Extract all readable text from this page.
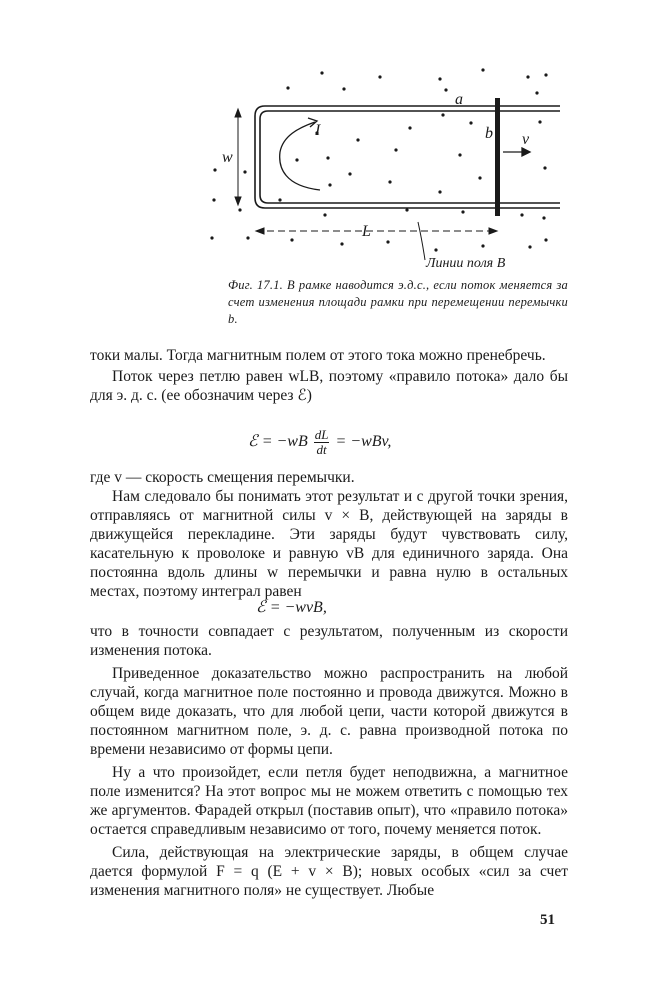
a
b
I
v
w
L
Линии поля B
Фиг. 17.1. В рамке наводится э.д.с., если поток меняется за счет изменения площади рамки при перемещении перемычки b.

токи малы. Тогда магнитным полем от этого тока можно пренебречь.

Поток через петлю равен wLB, поэтому «правило потока» дало бы для э. д. с. (ее обозначим через ℰ)

ℰ = $-wB \frac{dL}{dt} = -wBv$,

где v — скорость смещения перемычки.

Нам следовало бы понимать этот результат и с другой точки зрения, отправляясь от магнитной силы v × B, действующей на заряды в движущейся перекладине. Эти заряды будут чувствовать силу, касательную к проволоке и равную vB для единичного заряда. Она постоянна вдоль длины w перемычки и равна нулю в остальных местах, поэтому интеграл равен

ℰ = −wvB,

что в точности совпадает с результатом, полученным из скорости изменения потока.

Приведенное доказательство можно распространить на любой случай, когда магнитное поле постоянно и провода движутся. Можно в общем виде доказать, что для любой цепи, части которой движутся в постоянном магнитном поле, э. д. с. равна производной потока по времени независимо от формы цепи.

Ну а что произойдет, если петля будет неподвижна, а магнитное поле изменится? На этот вопрос мы не можем ответить с помощью тех же аргументов. Фарадей открыл (поставив опыт), что «правило потока» остается справедливым независимо от того, почему меняется поток.

Сила, действующая на электрические заряды, в общем случае дается формулой F = q (E + v × B); новых особых «сил за счет изменения магнитного поля» не существует. Любые

51
